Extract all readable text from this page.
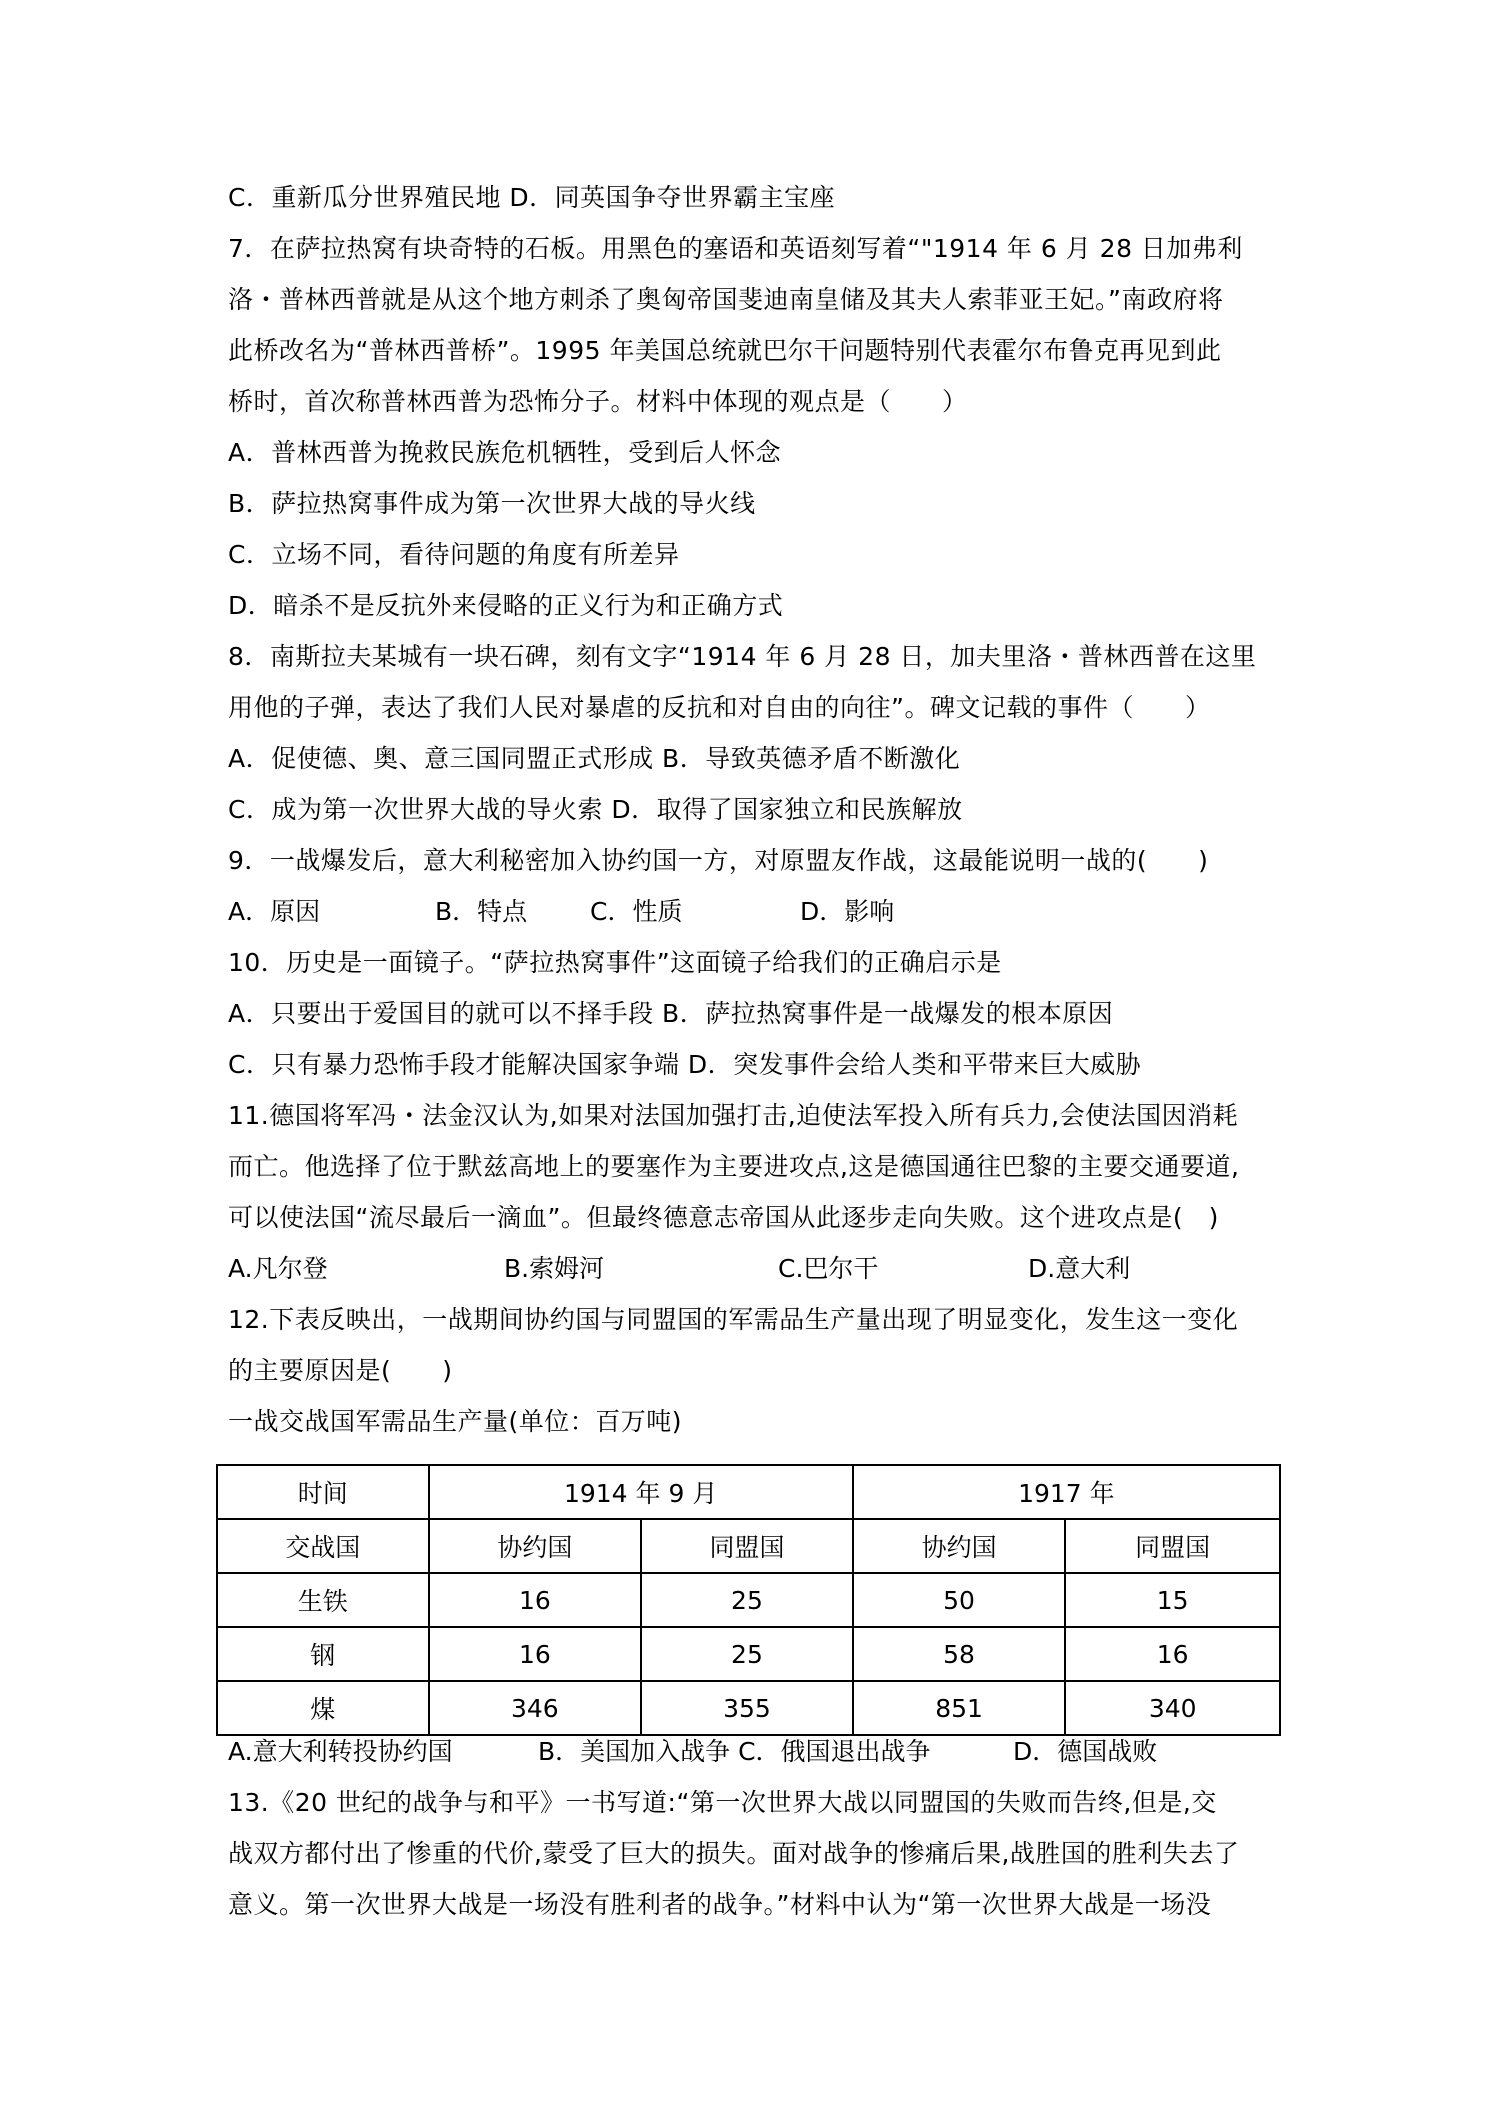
C．重新瓜分世界殖民地 D．同英国争夺世界霸主宝座
7．在萨拉热窝有块奇特的石板。用黑色的塞语和英语刻写着“"1914 年 6 月 28 日加弗利
洛・普林西普就是从这个地方刺杀了奥匈帝国斐迪南皇储及其夫人索菲亚王妃。”南政府将
此桥改名为“普林西普桥”。1995 年美国总统就巴尔干问题特别代表霍尔布鲁克再见到此
桥时，首次称普林西普为恐怖分子。材料中体现的观点是（　　）
A．普林西普为挽救民族危机牺牲，受到后人怀念
B．萨拉热窝事件成为第一次世界大战的导火线
C．立场不同，看待问题的角度有所差异
D．暗杀不是反抗外来侵略的正义行为和正确方式
8．南斯拉夫某城有一块石碑，刻有文字“1914 年 6 月 28 日，加夫里洛・普林西普在这里
用他的子弹，表达了我们人民对暴虐的反抗和对自由的向往”。碑文记载的事件（　　）
A．促使德、奥、意三国同盟正式形成 B．导致英德矛盾不断激化
C．成为第一次世界大战的导火索 D．取得了国家独立和民族解放
9．一战爆发后，意大利秘密加入协约国一方，对原盟友作战，这最能说明一战的(　　)

A．原因

	B．特点

	C．性质

	D．影响

10．历史是一面镜子。“萨拉热窝事件”这面镜子给我们的正确启示是
A．只要出于爱国目的就可以不择手段 B．萨拉热窝事件是一战爆发的根本原因
C．只有暴力恐怖手段才能解决国家争端 D．突发事件会给人类和平带来巨大威胁
11.德国将军冯・法金汉认为,如果对法国加强打击,迫使法军投入所有兵力,会使法国因消耗
而亡。他选择了位于默兹高地上的要塞作为主要进攻点,这是德国通往巴黎的主要交通要道,
可以使法国“流尽最后一滴血”。但最终德意志帝国从此逐步走向失败。这个进攻点是(　)

A.凡尔登

	B.索姆河

	C.巴尔干

	D.意大利

12.下表反映出，一战期间协约国与同盟国的军需品生产量出现了明显变化，发生这一变化
的主要原因是(　　)
一战交战国军需品生产量(单位：百万吨)
时间	1914 年 9 月		1917 年	
交战国	协约国	同盟国	协约国	同盟国
生铁	16	25	50	15
钢	16	25	58	16
煤	346	355	851	340

A.意大利转投协约国

	B．美国加入战争 C．俄国退出战争

	D．德国战败

13.《20 世纪的战争与和平》一书写道:“第一次世界大战以同盟国的失败而告终,但是,交
战双方都付出了惨重的代价,蒙受了巨大的损失。面对战争的惨痛后果,战胜国的胜利失去了
意义。第一次世界大战是一场没有胜利者的战争。”材料中认为“第一次世界大战是一场没
